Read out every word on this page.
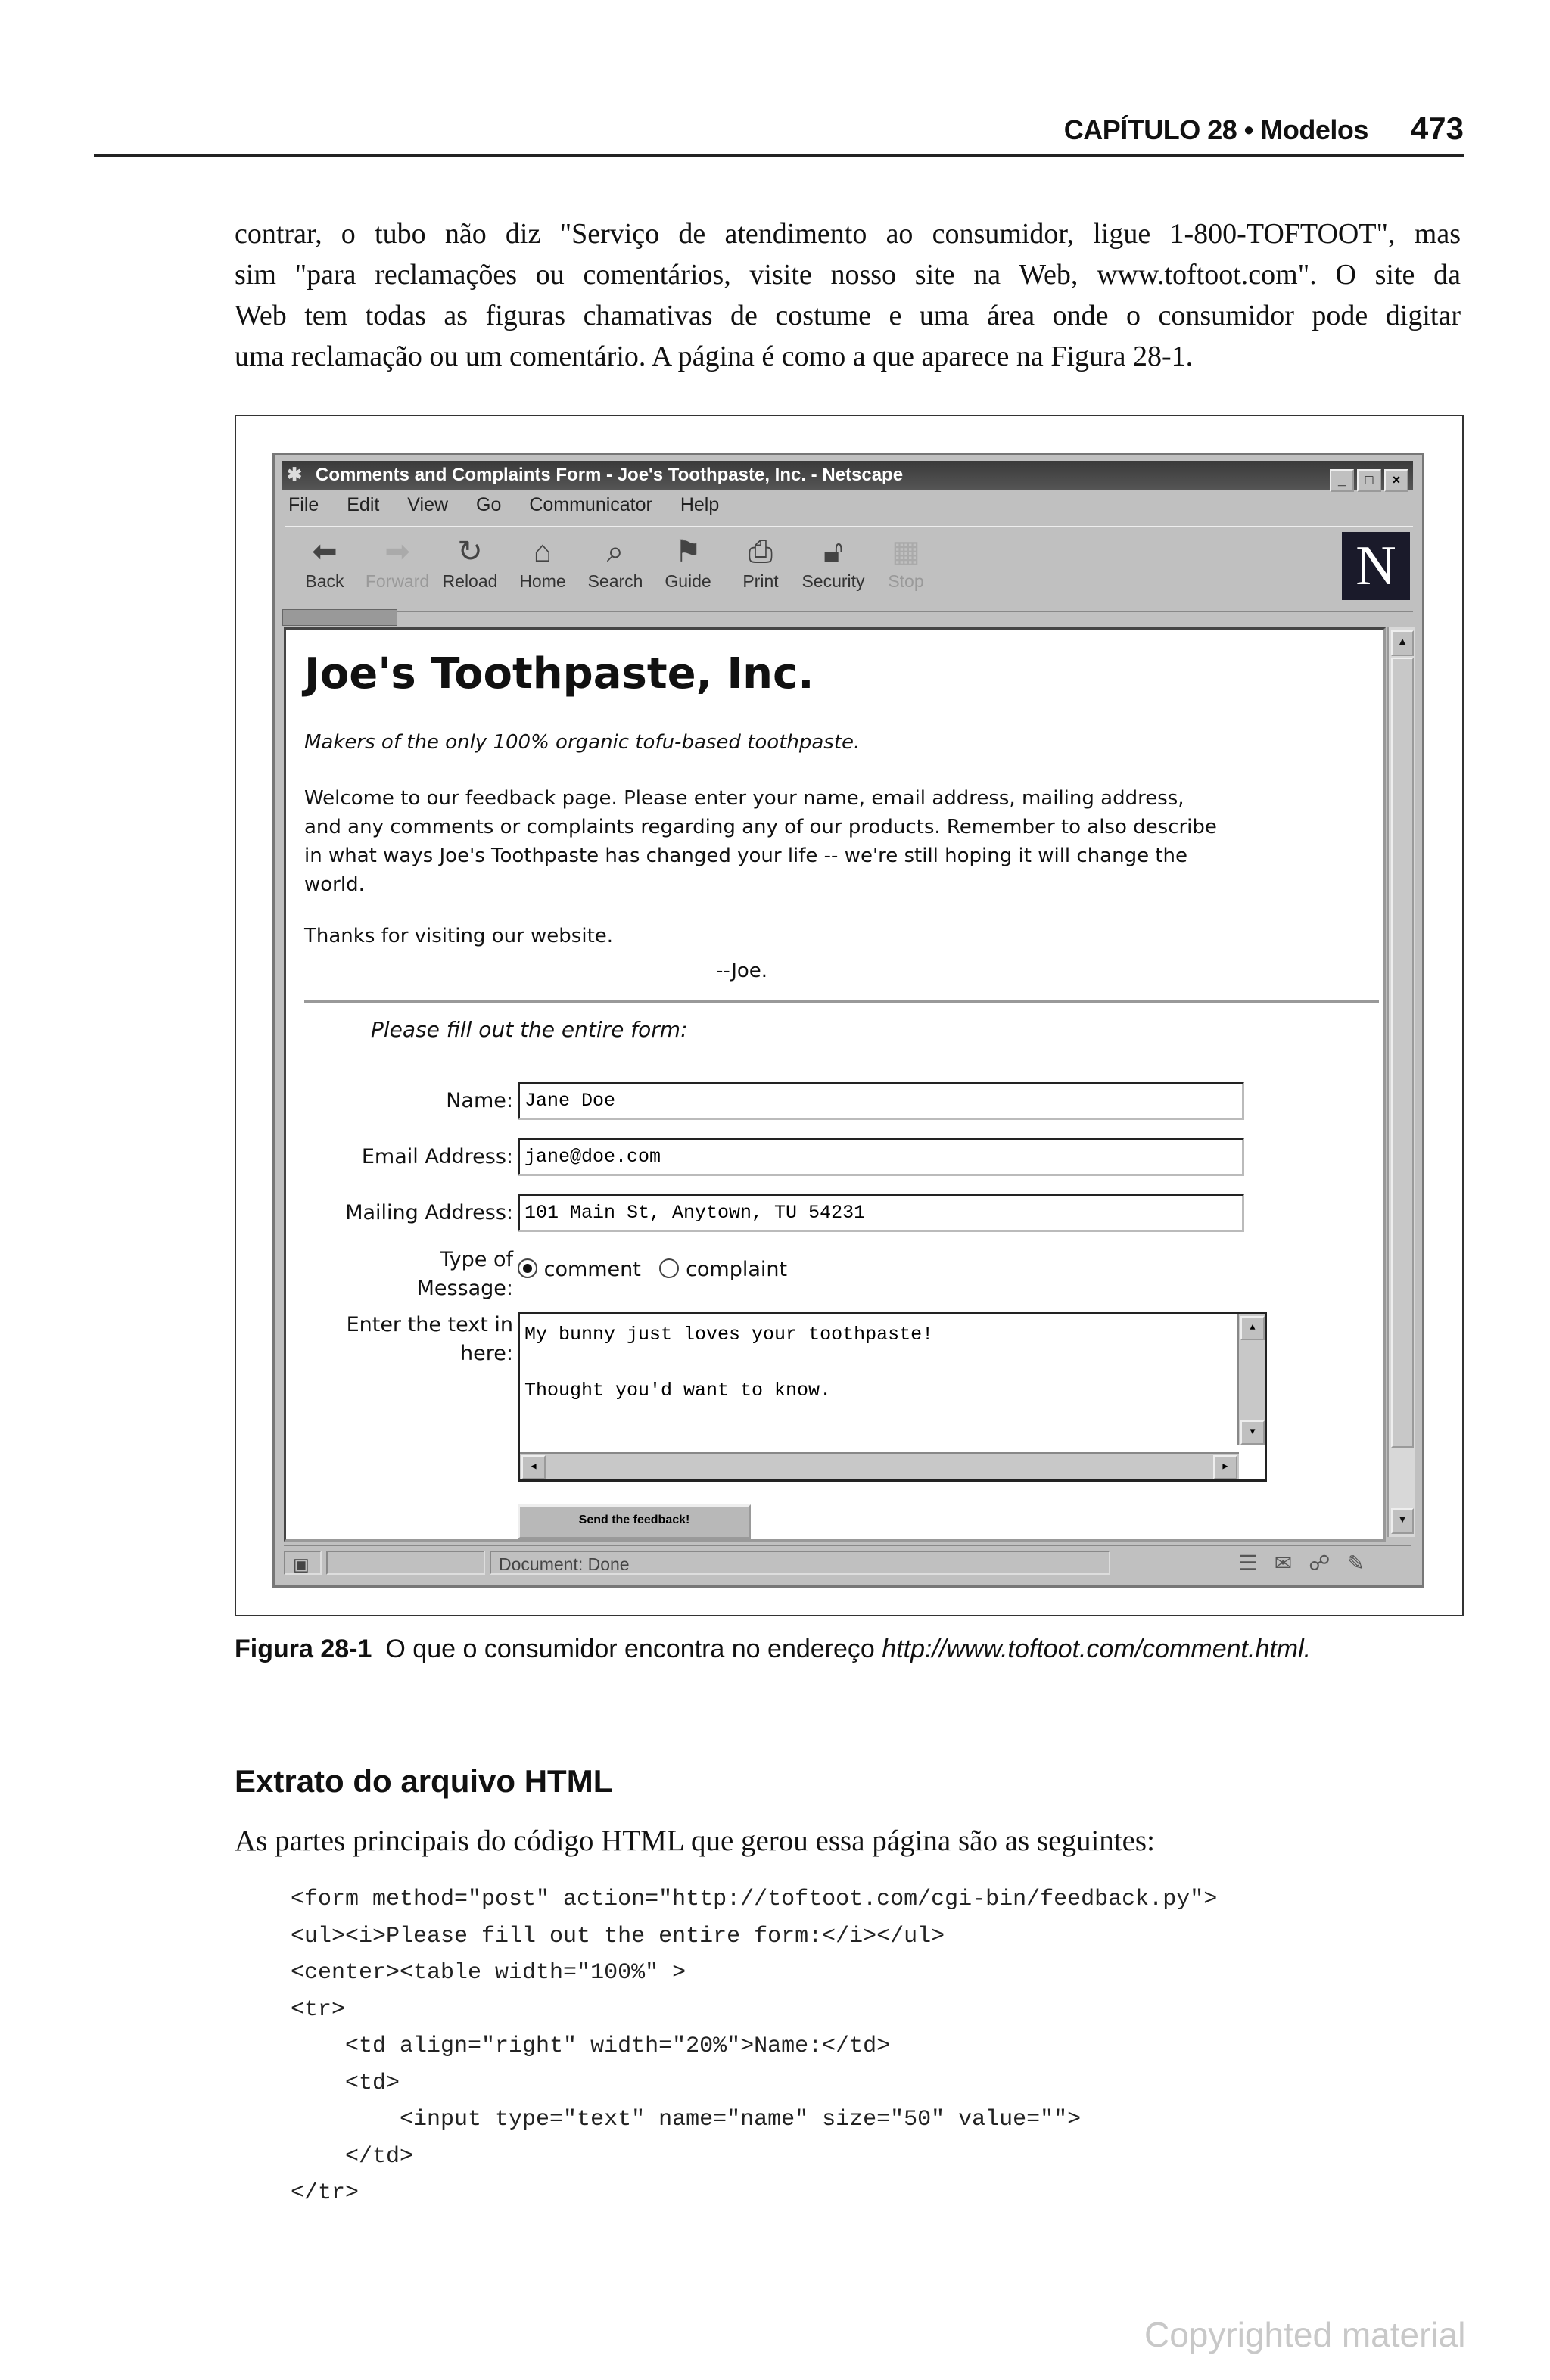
CAPÍTULO 28 • Modelos 473

contrar, o tubo não diz "Serviço de atendimento ao consumidor, ligue 1-800-TOFTOOT", mas
sim "para reclamações ou comentários, visite nosso site na Web, www.toftoot.com". O site da
Web tem todas as figuras chamativas de costume e uma área onde o consumidor pode digitar
uma reclamação ou um comentário. A página é como a que aparece na Figura 28-1.

✱ Comments and Complaints Form - Joe's Toothpaste, Inc. - Netscape	_ □ ×
File Edit View Go Communicator Help
⬅
Back
➡
Forward
↻
Reload
⌂
Home
⌕
Search
⚑
Guide
⎙
Print
🔓︎
Security
▦
Stop	N
Joe's Toothpaste, Inc.
Makers of the only 100% organic tofu-based toothpaste.
Welcome to our feedback page. Please enter your name, email address, mailing address,
and any comments or complaints regarding any of our products. Remember to also describe
in what ways Joe's Toothpaste has changed your life -- we're still hoping it will change the
world.
Thanks for visiting our website.
--Joe.
Please fill out the entire form:
Name: Jane Doe
Email Address: jane@doe.com
Mailing Address: 101 Main St, Anytown, TU 54231
Type of
Message:
comment complaint
Enter the text in
here:
My bunny just loves your toothpaste!
Thought you'd want to know.
▲
▼
◀	▶
Send the feedback!
▲
▼
▣	Document: Done	☰✉☍✎
Figura 28-1 O que o consumidor encontra no endereço http://www.toftoot.com/comment.html.
Extrato do arquivo HTML
As partes principais do código HTML que gerou essa página são as seguintes:
<form method="post" action="http://toftoot.com/cgi-bin/feedback.py">
<ul><i>Please fill out the entire form:</i></ul>
<center><table width="100%" >
<tr>
<td align="right" width="20%">Name:</td>
<td>
<input type="text" name="name" size="50" value="">
</td>
</tr>
Copyrighted material
